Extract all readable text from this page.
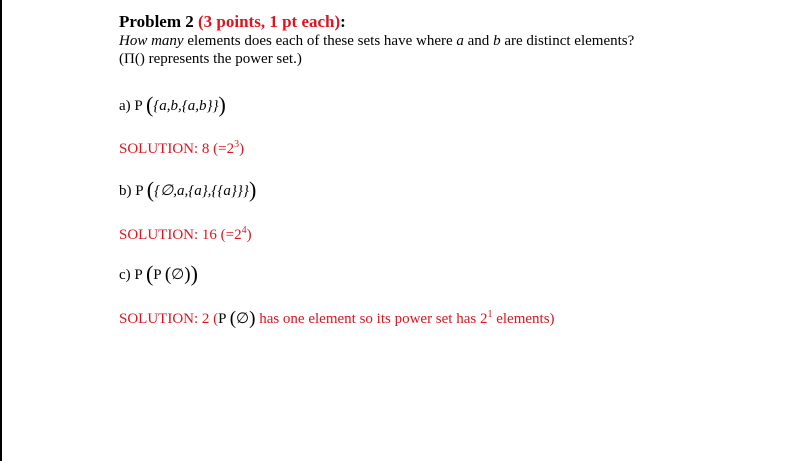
Problem 2 (3 points, 1 pt each):
How many elements does each of these sets have where a and b are distinct elements?
(Π() represents the power set.)
a) P ({a,b,{a,b}})
SOLUTION: 8 $(=2^3)$
b) P ({∅,a,{a},{{a}}})
SOLUTION: 16 $(=2^4)$
c) P (P (∅))
SOLUTION: 2 (P (∅) has one element so its power set has $2^1$ elements)
